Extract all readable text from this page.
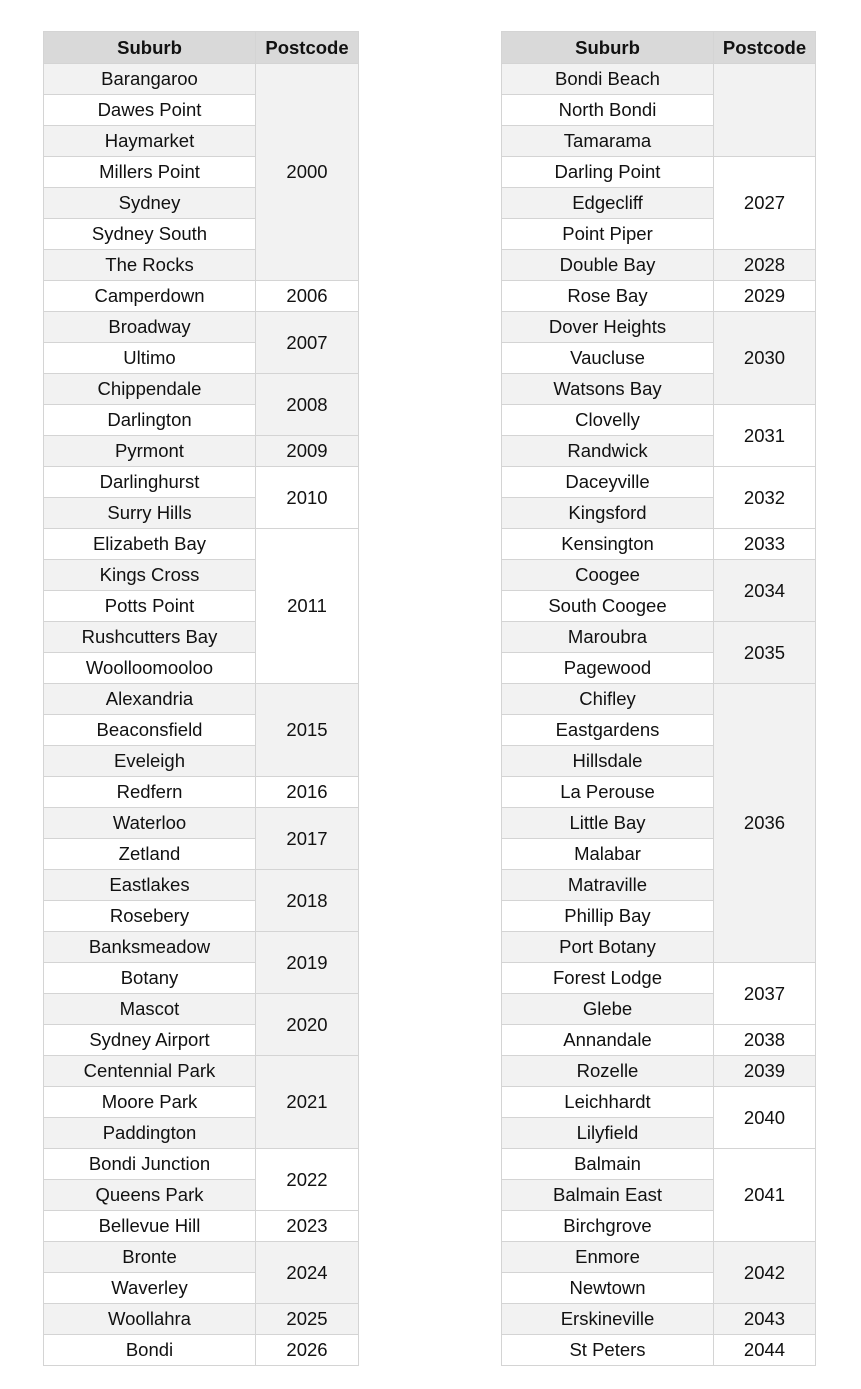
Suburb	Postcode
Barangaroo	2000
Dawes Point	
Haymarket	
Millers Point	
Sydney	
Sydney South	
The Rocks	
Camperdown	2006
Broadway	2007
Ultimo	
Chippendale	2008
Darlington	
Pyrmont	2009
Darlinghurst	2010
Surry Hills	
Elizabeth Bay	2011
Kings Cross	
Potts Point	
Rushcutters Bay	
Woolloomooloo	
Alexandria	2015
Beaconsfield	
Eveleigh	
Redfern	2016
Waterloo	2017
Zetland	
Eastlakes	2018
Rosebery	
Banksmeadow	2019
Botany	
Mascot	2020
Sydney Airport	
Centennial Park	2021
Moore Park	
Paddington	
Bondi Junction	2022
Queens Park	
Bellevue Hill	2023
Bronte	2024
Waverley	
Woollahra	2025
Bondi	2026
Suburb	Postcode
Bondi Beach	
North Bondi	
Tamarama	
Darling Point	2027
Edgecliff	
Point Piper	
Double Bay	2028
Rose Bay	2029
Dover Heights	2030
Vaucluse	
Watsons Bay	
Clovelly	2031
Randwick	
Daceyville	2032
Kingsford	
Kensington	2033
Coogee	2034
South Coogee	
Maroubra	2035
Pagewood	
Chifley	2036
Eastgardens	
Hillsdale	
La Perouse	
Little Bay	
Malabar	
Matraville	
Phillip Bay	
Port Botany	
Forest Lodge	2037
Glebe	
Annandale	2038
Rozelle	2039
Leichhardt	2040
Lilyfield	
Balmain	2041
Balmain East	
Birchgrove	
Enmore	2042
Newtown	
Erskineville	2043
St Peters	2044
